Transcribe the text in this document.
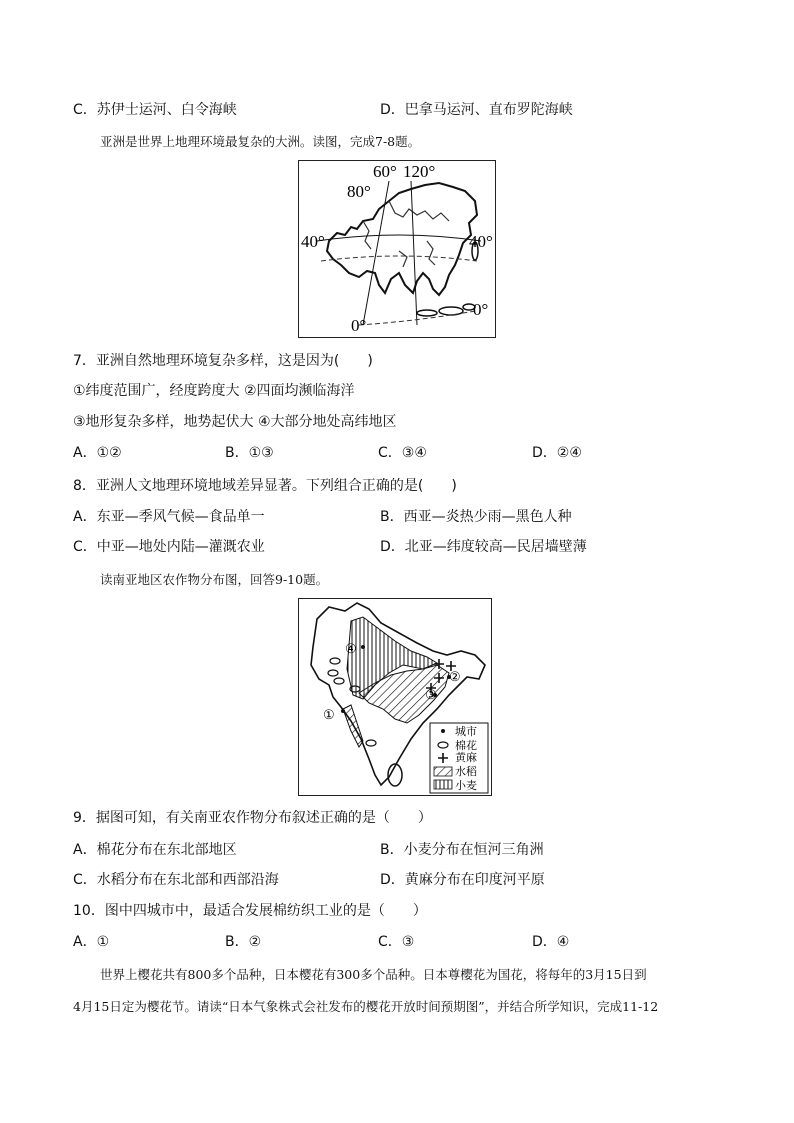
C．苏伊士运河、白令海峡	D．巴拿马运河、直布罗陀海峡
亚洲是世界上地理环境最复杂的大洲。读图，完成7-8题。
60° 120°
80°
40°	40°
0°
0°
7．亚洲自然地理环境复杂多样，这是因为(　　)
①纬度范围广，经度跨度大 ②四面均濒临海洋
③地形复杂多样，地势起伏大 ④大部分地处高纬地区
A．①②	B．①③	C．③④	D．②④
8．亚洲人文地理环境地域差异显著。下列组合正确的是(　　)
A．东亚—季风气候—食品单一	B．西亚—炎热少雨—黑色人种
C．中亚—地处内陆—灌溉农业	D．北亚—纬度较高—民居墙壁薄
读南亚地区农作物分布图，回答9-10题。
④
②
③
①
城市
棉花
黄麻
水稻
小麦
9．据图可知，有关南亚农作物分布叙述正确的是（　　）
A．棉花分布在东北部地区	B．小麦分布在恒河三角洲
C．水稻分布在东北部和西部沿海	D．黄麻分布在印度河平原
10．图中四城市中，最适合发展棉纺织工业的是（　　）
A．①	B．②	C．③	D．④
世界上樱花共有800多个品种，日本樱花有300多个品种。日本尊樱花为国花，将每年的3月15日到
4月15日定为樱花节。请读“日本气象株式会社发布的樱花开放时间预期图”，并结合所学知识，完成11-12
